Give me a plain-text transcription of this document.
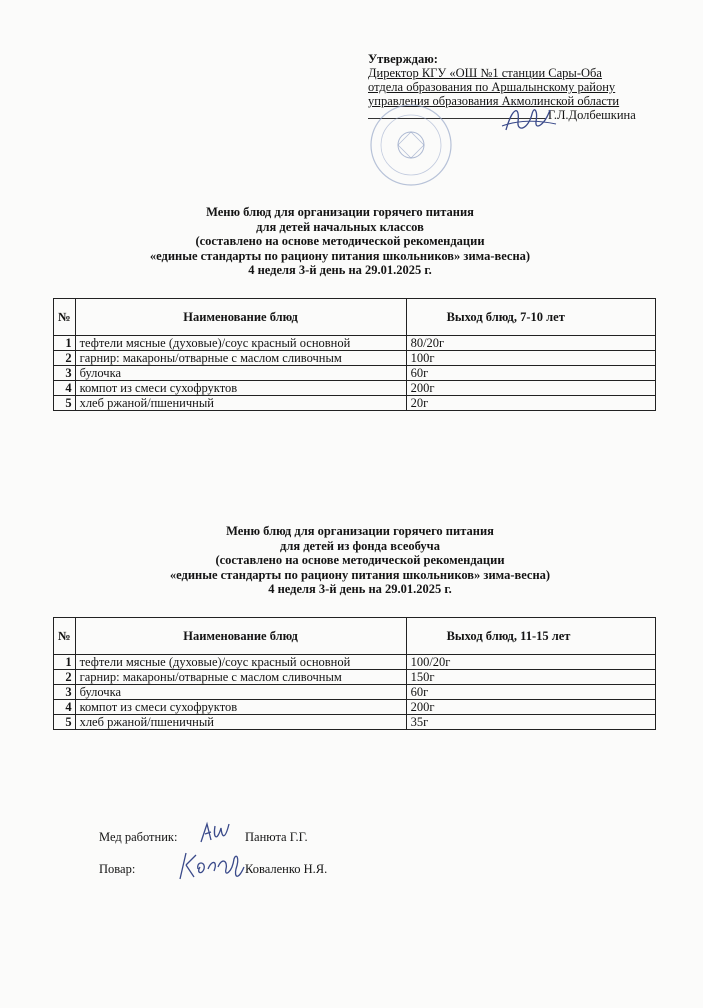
Утверждаю:
Директор КГУ «ОШ №1 станции Сары-Оба
отдела образования по Аршалынскому району
управления образования Акмолинской области
Г.Л.Долбешкина
Меню блюд для организации горячего питания
для детей начальных классов
(составлено на основе методической рекомендации
«единые стандарты по рациону питания школьников» зима-весна)
4 неделя 3-й день на 29.01.2025 г.
№	Наименование блюд	Выход блюд, 7-10 лет
1	тефтели мясные (духовые)/соус красный основной	80/20г
2	гарнир: макароны/отварные с маслом сливочным	100г
3	булочка	60г
4	компот из смеси сухофруктов	200г
5	хлеб ржаной/пшеничный	20г
Меню блюд для организации горячего питания
для детей из фонда всеобуча
(составлено на основе методической рекомендации
«единые стандарты по рациону питания школьников» зима-весна)
4 неделя 3-й день на 29.01.2025 г.
№	Наименование блюд	Выход блюд, 11-15 лет
1	тефтели мясные (духовые)/соус красный основной	100/20г
2	гарнир: макароны/отварные с маслом сливочным	150г
3	булочка	60г
4	компот из смеси сухофруктов	200г
5	хлеб ржаной/пшеничный	35г
Мед работник:	Панюта Г.Г.
Повар:	Коваленко Н.Я.
